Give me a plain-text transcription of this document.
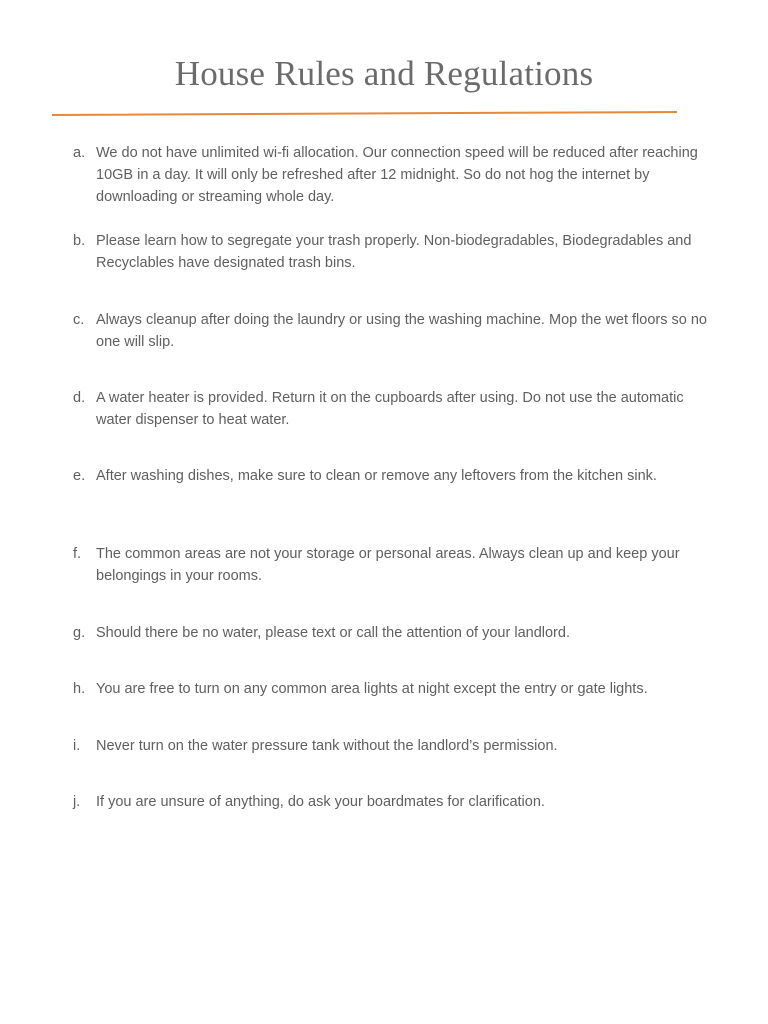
House Rules and Regulations
a. We do not have unlimited wi-fi allocation. Our connection speed will be reduced after reaching 10GB in a day. It will only be refreshed after 12 midnight. So do not hog the internet by downloading or streaming whole day.
b. Please learn how to segregate your trash properly. Non-biodegradables, Biodegradables and Recyclables have designated trash bins.
c. Always cleanup after doing the laundry or using the washing machine. Mop the wet floors so no one will slip.
d. A water heater is provided. Return it on the cupboards after using. Do not use the automatic water dispenser to heat water.
e. After washing dishes, make sure to clean or remove any leftovers from the kitchen sink.
f.	The common areas are not your storage or personal areas. Always clean up and keep your belongings in your rooms.
g. Should there be no water, please text or call the attention of your landlord.
h. You are free to turn on any common area lights at night except the entry or gate lights.
i.	Never turn on the water pressure tank without the landlord’s permission.
j.	If you are unsure of anything, do ask your boardmates for clarification.
